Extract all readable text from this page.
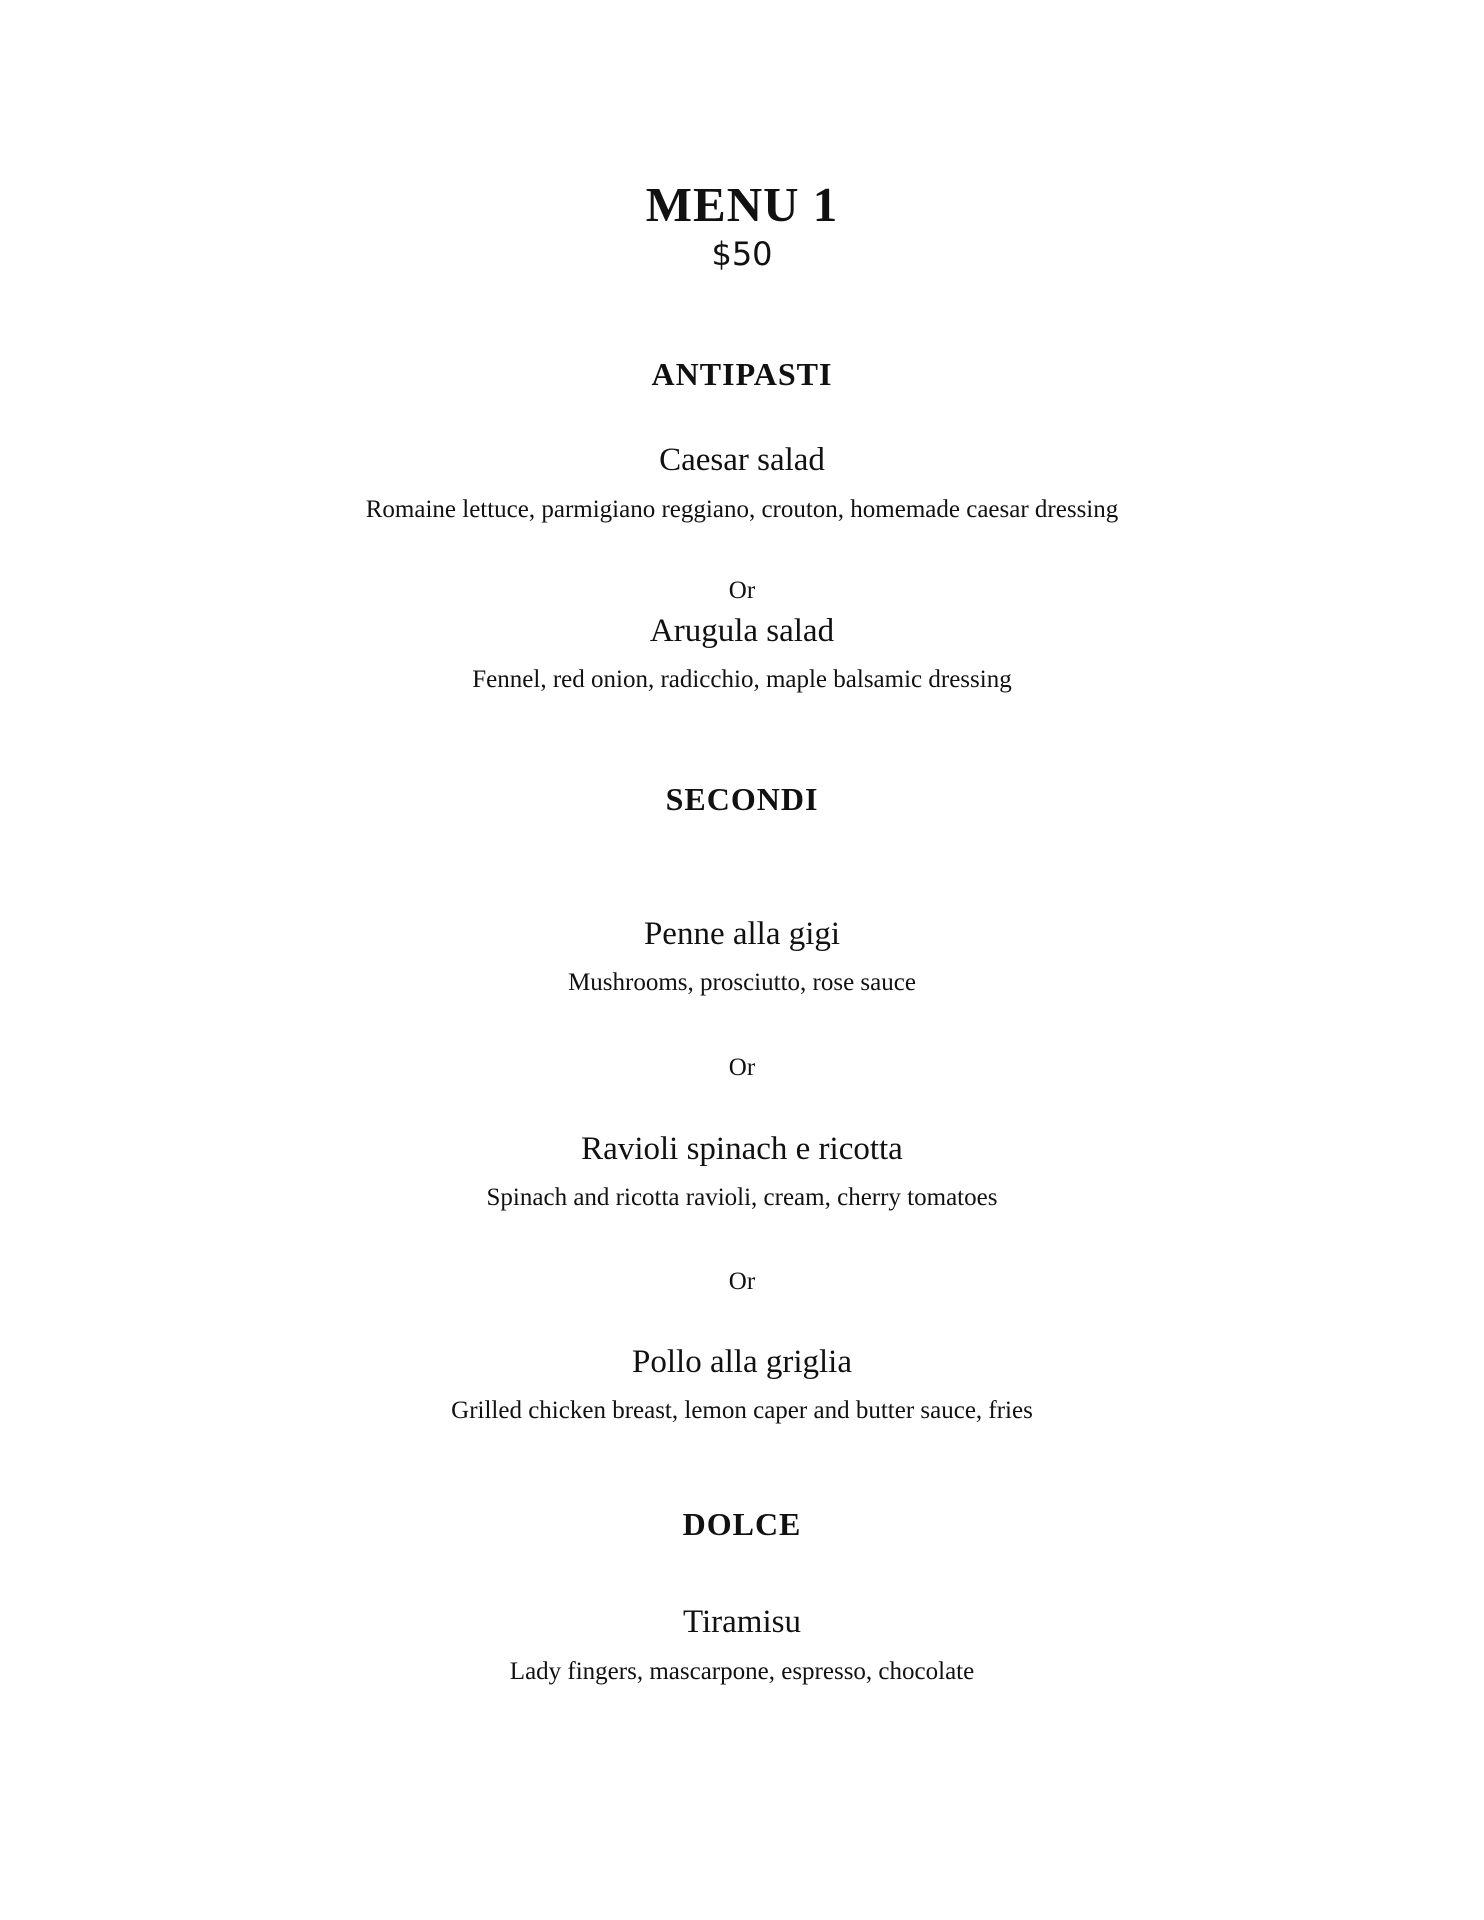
MENU 1
$50
ANTIPASTI
Caesar salad
Romaine lettuce, parmigiano reggiano, crouton, homemade caesar dressing
Or
Arugula salad
Fennel, red onion, radicchio, maple balsamic dressing
SECONDI
Penne alla gigi
Mushrooms, prosciutto, rose sauce
Or
Ravioli spinach e ricotta
Spinach and ricotta ravioli, cream, cherry tomatoes
Or
Pollo alla griglia
Grilled chicken breast, lemon caper and butter sauce, fries
DOLCE
Tiramisu
Lady fingers, mascarpone, espresso, chocolate
